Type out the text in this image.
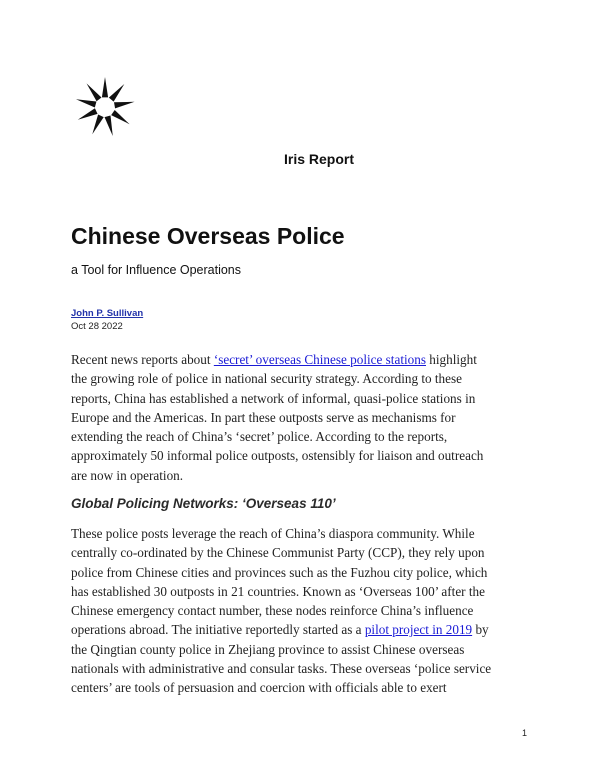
Iris Report
Chinese Overseas Police
a Tool for Influence Operations
John P. Sullivan
Oct 28 2022

Recent news reports about ‘secret’ overseas Chinese police stations highlight
the growing role of police in national security strategy. According to these
reports, China has established a network of informal, quasi-police stations in
Europe and the Americas. In part these outposts serve as mechanisms for
extending the reach of China’s ‘secret’ police. According to the reports,
approximately 50 informal police outposts, ostensibly for liaison and outreach
are now in operation.

Global Policing Networks: ‘Overseas 110’

These police posts leverage the reach of China’s diaspora community. While
centrally co-ordinated by the Chinese Communist Party (CCP), they rely upon
police from Chinese cities and provinces such as the Fuzhou city police, which
has established 30 outposts in 21 countries. Known as ‘Overseas 100’ after the
Chinese emergency contact number, these nodes reinforce China’s influence
operations abroad. The initiative reportedly started as a pilot project in 2019 by
the Qingtian county police in Zhejiang province to assist Chinese overseas
nationals with administrative and consular tasks. These overseas ‘police service
centers’ are tools of persuasion and coercion with officials able to exert

1
